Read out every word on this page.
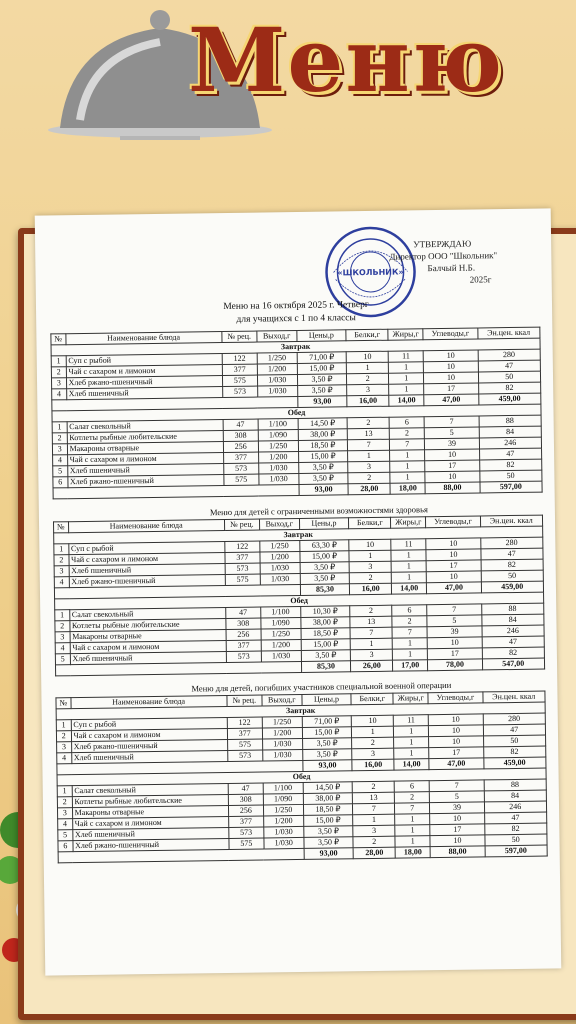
Меню
«ШКОЛЬНИК»
УТВЕРЖДАЮ
Директор ООО "Школьник"
Балчый Н.Б.
2025г
Меню на 16 октября 2025 г. Четверг
для учащихся с 1 по 4 классы
№	Наименование блюда	№ рец.	Выход,г	Цены,р	Белки,г	Жиры,г	Углеводы,г	Эн.цен. ккал
Завтрак								
1	Суп с рыбой	122	1/250	71,00 ₽	10	11	10	280
2	Чай с сахаром и лимоном	377	1/200	15,00 ₽	1	1	10	47
3	Хлеб ржано-пшеничный	575	1/030	3,50 ₽	2	1	10	50
4	Хлеб пшеничный	573	1/030	3,50 ₽	3	1	17	82
				93,00	16,00	14,00	47,00	459,00
Обед								
1	Салат свекольный	47	1/100	14,50 ₽	2	6	7	88
2	Котлеты рыбные любительские	308	1/090	38,00 ₽	13	2	5	84
3	Макароны отварные	256	1/250	18,50 ₽	7	7	39	246
4	Чай с сахаром и лимоном	377	1/200	15,00 ₽	1	1	10	47
5	Хлеб пшеничный	573	1/030	3,50 ₽	3	1	17	82
6	Хлеб ржано-пшеничный	575	1/030	3,50 ₽	2	1	10	50
				93,00	28,00	18,00	88,00	597,00
Меню для детей с ограниченными возможностями здоровья
№	Наименование блюда	№ рец.	Выход,г	Цены,р	Белки,г	Жиры,г	Углеводы,г	Эн.цен. ккал
Завтрак								
1	Суп с рыбой	122	1/250	63,30 ₽	10	11	10	280
2	Чай с сахаром и лимоном	377	1/200	15,00 ₽	1	1	10	47
3	Хлеб пшеничный	573	1/030	3,50 ₽	3	1	17	82
4	Хлеб ржано-пшеничный	575	1/030	3,50 ₽	2	1	10	50
				85,30	16,00	14,00	47,00	459,00
Обед								
1	Салат свекольный	47	1/100	10,30 ₽	2	6	7	88
2	Котлеты рыбные любительские	308	1/090	38,00 ₽	13	2	5	84
3	Макароны отварные	256	1/250	18,50 ₽	7	7	39	246
4	Чай с сахаром и лимоном	377	1/200	15,00 ₽	1	1	10	47
5	Хлеб пшеничный	573	1/030	3,50 ₽	3	1	17	82
				85,30	26,00	17,00	78,00	547,00
Меню для детей, погибших участников специальной военной операции
№	Наименование блюда	№ рец.	Выход,г	Цены,р	Белки,г	Жиры,г	Углеводы,г	Эн.цен. ккал
Завтрак								
1	Суп с рыбой	122	1/250	71,00 ₽	10	11	10	280
2	Чай с сахаром и лимоном	377	1/200	15,00 ₽	1	1	10	47
3	Хлеб ржано-пшеничный	575	1/030	3,50 ₽	2	1	10	50
4	Хлеб пшеничный	573	1/030	3,50 ₽	3	1	17	82
				93,00	16,00	14,00	47,00	459,00
Обед								
1	Салат свекольный	47	1/100	14,50 ₽	2	6	7	88
2	Котлеты рыбные любительские	308	1/090	38,00 ₽	13	2	5	84
3	Макароны отварные	256	1/250	18,50 ₽	7	7	39	246
4	Чай с сахаром и лимоном	377	1/200	15,00 ₽	1	1	10	47
5	Хлеб пшеничный	573	1/030	3,50 ₽	3	1	17	82
6	Хлеб ржано-пшеничный	575	1/030	3,50 ₽	2	1	10	50
				93,00	28,00	18,00	88,00	597,00
